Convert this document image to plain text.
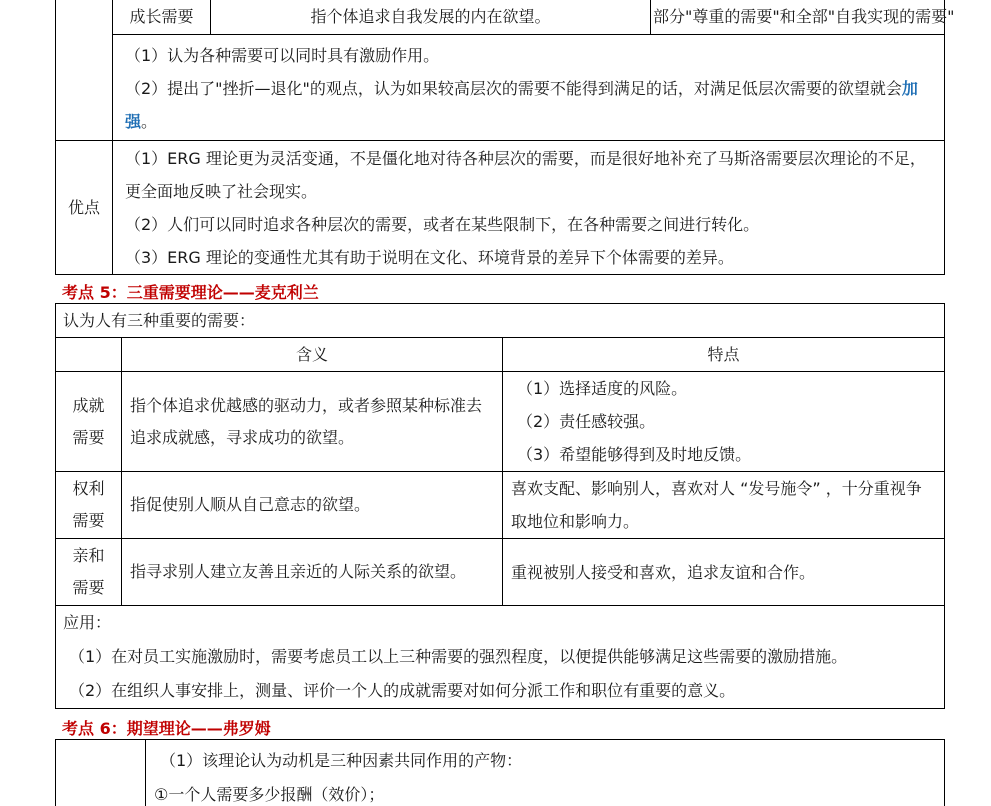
	成长需要	指个体追求自我发展的内在欲望。	部分"尊重的需要"和全部"自我实现的需要"

	（1）认为各种需要可以同时具有激励作用。
（2）提出了"挫折—退化"的观点，认为如果较高层次的需要不能得到满足的话，对满足低层次需要的欲望就会加强。		

优点	（1）ERG 理论更为灵活变通，不是僵化地对待各种层次的需要，而是很好地补充了马斯洛需要层次理论的不足，更全面地反映了社会现实。
（2）人们可以同时追求各种层次的需要，或者在某些限制下，在各种需要之间进行转化。
（3）ERG 理论的变通性尤其有助于说明在文化、环境背景的差异下个体需要的差异。		
考点 5：三重需要理论——麦克利兰
认为人有三种重要的需要：		
	含义	特点

成就需要	指个体追求优越感的驱动力，或者参照某种标准去追求成就感，寻求成功的欲望。	（1）选择适度的风险。
（2）责任感较强。
（3）希望能够得到及时地反馈。

权利需要	指促使别人顺从自己意志的欲望。	喜欢支配、影响别人，喜欢对人 “发号施令” ，十分重视争取地位和影响力。

亲和需要	指寻求别人建立友善且亲近的人际关系的欲望。	重视被别人接受和喜欢，追求友谊和合作。

应用：
（1）在对员工实施激励时，需要考虑员工以上三种需要的强烈程度，以便提供能够满足这些需要的激励措施。
（2）在组织人事安排上，测量、评价一个人的成就需要对如何分派工作和职位有重要的意义。		
考点 6：期望理论——弗罗姆

（1）该理论认为动机是三种因素共同作用的产物：
①一个人需要多少报酬（效价）；
